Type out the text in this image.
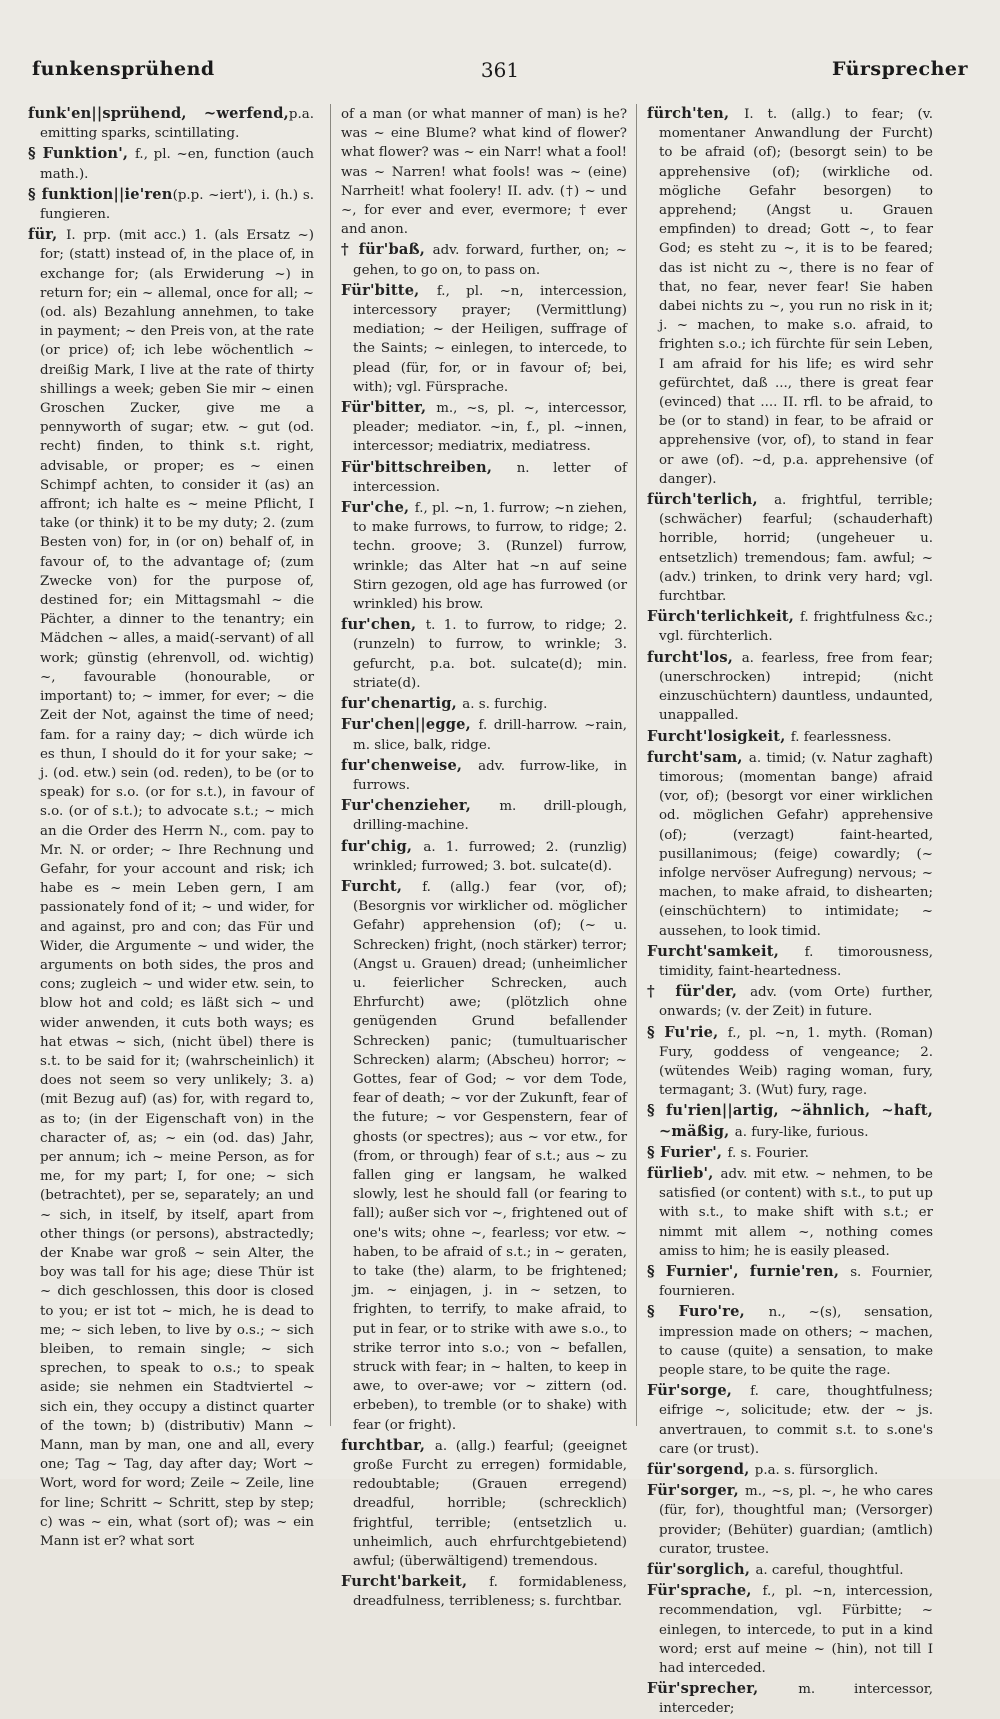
funkensprühend	361	Fürsprecher

funk'en||sprühend, ~werfend,p.a. emitting sparks, scintillating.

§ Funktion', f., pl. ~en, function (auch math.).

§ funktion||ie'ren(p.p. ~iert'), i. (h.) s. fungieren.

für, I. prp. (mit acc.) 1. (als Ersatz ~) for; (statt) instead of, in the place of, in exchange for; (als Erwiderung ~) in return for; ein ~ allemal, once for all; ~ (od. als) Bezahlung annehmen, to take in payment; ~ den Preis von, at the rate (or price) of; ich lebe wöchentlich ~ dreißig Mark, I live at the rate of thirty shillings a week; geben Sie mir ~ einen Groschen Zucker, give me a pennyworth of sugar; etw. ~ gut (od. recht) finden, to think s.t. right, advisable, or proper; es ~ einen Schimpf achten, to consider it (as) an affront; ich halte es ~ meine Pflicht, I take (or think) it to be my duty; 2. (zum Besten von) for, in (or on) behalf of, in favour of, to the advantage of; (zum Zwecke von) for the purpose of, destined for; ein Mittagsmahl ~ die Pächter, a dinner to the tenantry; ein Mädchen ~ alles, a maid(-servant) of all work; günstig (ehrenvoll, od. wichtig) ~, favourable (honourable, or important) to; ~ immer, for ever; ~ die Zeit der Not, against the time of need; fam. for a rainy day; ~ dich würde ich es thun, I should do it for your sake; ~ j. (od. etw.) sein (od. reden), to be (or to speak) for s.o. (or for s.t.), in favour of s.o. (or of s.t.); to advocate s.t.; ~ mich an die Order des Herrn N., com. pay to Mr. N. or order; ~ Ihre Rechnung und Gefahr, for your account and risk; ich habe es ~ mein Leben gern, I am passionately fond of it; ~ und wider, for and against, pro and con; das Für und Wider, die Argumente ~ und wider, the arguments on both sides, the pros and cons; zugleich ~ und wider etw. sein, to blow hot and cold; es läßt sich ~ und wider anwenden, it cuts both ways; es hat etwas ~ sich, (nicht übel) there is s.t. to be said for it; (wahrscheinlich) it does not seem so very unlikely; 3. a) (mit Bezug auf) (as) for, with regard to, as to; (in der Eigenschaft von) in the character of, as; ~ ein (od. das) Jahr, per annum; ich ~ meine Person, as for me, for my part; I, for one; ~ sich (betrachtet), per se, separately; an und ~ sich, in itself, by itself, apart from other things (or persons), abstractedly; der Knabe war groß ~ sein Alter, the boy was tall for his age; diese Thür ist ~ dich geschlossen, this door is closed to you; er ist tot ~ mich, he is dead to me; ~ sich leben, to live by o.s.; ~ sich bleiben, to remain single; ~ sich sprechen, to speak to o.s.; to speak aside; sie nehmen ein Stadtviertel ~ sich ein, they occupy a distinct quarter of the town; b) (distributiv) Mann ~ Mann, man by man, one and all, every one; Tag ~ Tag, day after day; Wort ~ Wort, word for word; Zeile ~ Zeile, line for line; Schritt ~ Schritt, step by step; c) was ~ ein, what (sort of); was ~ ein Mann ist er? what sort

of a man (or what manner of man) is he? was ~ eine Blume? what kind of flower? what flower? was ~ ein Narr! what a fool! was ~ Narren! what fools! was ~ (eine) Narrheit! what foolery! II. adv. (†) ~ und ~, for ever and ever, evermore; † ever and anon.

† für'baß, adv. forward, further, on; ~ gehen, to go on, to pass on.

Für'bitte, f., pl. ~n, intercession, intercessory prayer; (Vermittlung) mediation; ~ der Heiligen, suffrage of the Saints; ~ einlegen, to intercede, to plead (für, for, or in favour of; bei, with); vgl. Fürsprache.

Für'bitter, m., ~s, pl. ~, intercessor, pleader; mediator. ~in, f., pl. ~innen, intercessor; mediatrix, mediatress.

Für'bittschreiben, n. letter of intercession.

Fur'che, f., pl. ~n, 1. furrow; ~n ziehen, to make furrows, to furrow, to ridge; 2. techn. groove; 3. (Runzel) furrow, wrinkle; das Alter hat ~n auf seine Stirn gezogen, old age has furrowed (or wrinkled) his brow.

fur'chen, t. 1. to furrow, to ridge; 2. (runzeln) to furrow, to wrinkle; 3. gefurcht, p.a. bot. sulcate(d); min. striate(d).

fur'chenartig, a. s. furchig.

Fur'chen||egge, f. drill-harrow. ~rain, m. slice, balk, ridge.

fur'chenweise, adv. furrow-like, in furrows.

Fur'chenzieher, m. drill-plough, drilling-machine.

fur'chig, a. 1. furrowed; 2. (runzlig) wrinkled; furrowed; 3. bot. sulcate(d).

Furcht, f. (allg.) fear (vor, of); (Besorgnis vor wirklicher od. möglicher Gefahr) apprehension (of); (~ u. Schrecken) fright, (noch stärker) terror; (Angst u. Grauen) dread; (unheimlicher u. feierlicher Schrecken, auch Ehrfurcht) awe; (plötzlich ohne genügenden Grund befallender Schrecken) panic; (tumultuarischer Schrecken) alarm; (Abscheu) horror; ~ Gottes, fear of God; ~ vor dem Tode, fear of death; ~ vor der Zukunft, fear of the future; ~ vor Gespenstern, fear of ghosts (or spectres); aus ~ vor etw., for (from, or through) fear of s.t.; aus ~ zu fallen ging er langsam, he walked slowly, lest he should fall (or fearing to fall); außer sich vor ~, frightened out of one's wits; ohne ~, fearless; vor etw. ~ haben, to be afraid of s.t.; in ~ geraten, to take (the) alarm, to be frightened; jm. ~ einjagen, j. in ~ setzen, to frighten, to terrify, to make afraid, to put in fear, or to strike with awe s.o., to strike terror into s.o.; von ~ befallen, struck with fear; in ~ halten, to keep in awe, to over-awe; vor ~ zittern (od. erbeben), to tremble (or to shake) with fear (or fright).

furchtbar, a. (allg.) fearful; (geeignet große Furcht zu erregen) formidable, redoubtable; (Grauen erregend) dreadful, horrible; (schrecklich) frightful, terrible; (entsetzlich u. unheimlich, auch ehrfurchtgebietend) awful; (überwältigend) tremendous.

Furcht'barkeit, f. formidableness, dreadfulness, terribleness; s. furchtbar.

fürch'ten, I. t. (allg.) to fear; (v. momentaner Anwandlung der Furcht) to be afraid (of); (besorgt sein) to be apprehensive (of); (wirkliche od. mögliche Gefahr besorgen) to apprehend; (Angst u. Grauen empfinden) to dread; Gott ~, to fear God; es steht zu ~, it is to be feared; das ist nicht zu ~, there is no fear of that, no fear, never fear! Sie haben dabei nichts zu ~, you run no risk in it; j. ~ machen, to make s.o. afraid, to frighten s.o.; ich fürchte für sein Leben, I am afraid for his life; es wird sehr gefürchtet, daß ..., there is great fear (evinced) that .... II. rfl. to be afraid, to be (or to stand) in fear, to be afraid or apprehensive (vor, of), to stand in fear or awe (of). ~d, p.a. apprehensive (of danger).

fürch'terlich, a. frightful, terrible; (schwächer) fearful; (schauderhaft) horrible, horrid; (ungeheuer u. entsetzlich) tremendous; fam. awful; ~ (adv.) trinken, to drink very hard; vgl. furchtbar.

Fürch'terlichkeit, f. frightfulness &c.; vgl. fürchterlich.

furcht'los, a. fearless, free from fear; (unerschrocken) intrepid; (nicht einzuschüchtern) dauntless, undaunted, unappalled.

Furcht'losigkeit, f. fearlessness.

furcht'sam, a. timid; (v. Natur zaghaft) timorous; (momentan bange) afraid (vor, of); (besorgt vor einer wirklichen od. möglichen Gefahr) apprehensive (of); (verzagt) faint-hearted, pusillanimous; (feige) cowardly; (~ infolge nervöser Aufregung) nervous; ~ machen, to make afraid, to dishearten; (einschüchtern) to intimidate; ~ aussehen, to look timid.

Furcht'samkeit, f. timorousness, timidity, faint-heartedness.

† für'der, adv. (vom Orte) further, onwards; (v. der Zeit) in future.

§ Fu'rie, f., pl. ~n, 1. myth. (Roman) Fury, goddess of vengeance; 2. (wütendes Weib) raging woman, fury, termagant; 3. (Wut) fury, rage.

§ fu'rien||artig, ~ähnlich, ~haft, ~mäßig, a. fury-like, furious.

§ Furier', f. s. Fourier.

fürlieb', adv. mit etw. ~ nehmen, to be satisfied (or content) with s.t., to put up with s.t., to make shift with s.t.; er nimmt mit allem ~, nothing comes amiss to him; he is easily pleased.

§ Furnier', furnie'ren, s. Fournier, fournieren.

§ Furo're, n., ~(s), sensation, impression made on others; ~ machen, to cause (quite) a sensation, to make people stare, to be quite the rage.

Für'sorge, f. care, thoughtfulness; eifrige ~, solicitude; etw. der ~ js. anvertrauen, to commit s.t. to s.one's care (or trust).

für'sorgend, p.a. s. fürsorglich.

Für'sorger, m., ~s, pl. ~, he who cares (für, for), thoughtful man; (Versorger) provider; (Behüter) guardian; (amtlich) curator, trustee.

für'sorglich, a. careful, thoughtful.

Für'sprache, f., pl. ~n, intercession, recommendation, vgl. Fürbitte; ~ einlegen, to intercede, to put in a kind word; erst auf meine ~ (hin), not till I had interceded.

Für'sprecher, m. intercessor, interceder;
